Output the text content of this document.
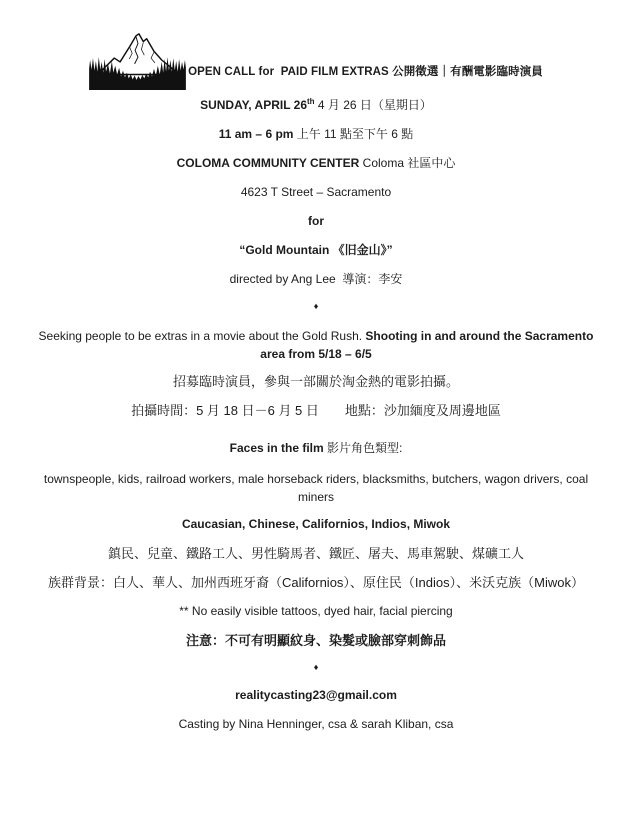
OPEN CALL for  PAID FILM EXTRAS 公開徵選｜有酬電影臨時演員

SUNDAY, APRIL 26th 4 月 26 日（星期日）

11 am – 6 pm 上午 11 點至下午 6 點

COLOMA COMMUNITY CENTER Coloma 社區中心

4623 T Street – Sacramento

for

“Gold Mountain 《旧金山》”

directed by Ang Lee  導演：李安

♦

Seeking people to be extras in a movie about the Gold Rush. Shooting in and around the Sacramento area from 5/18 – 6/5

招募臨時演員，參與一部關於淘金熱的電影拍攝。

拍攝時間：5 月 18 日－6 月 5 日　　地點：沙加緬度及周邊地區

Faces in the film 影片角色類型:

townspeople, kids, railroad workers, male horseback riders, blacksmiths, butchers, wagon drivers, coal miners

Caucasian, Chinese, Californios, Indios, Miwok

鎮民、兒童、鐵路工人、男性騎馬者、鐵匠、屠夫、馬車駕駛、煤礦工人

族群背景：白人、華人、加州西班牙裔（Californios）、原住民（Indios）、米沃克族（Miwok）

** No easily visible tattoos, dyed hair, facial piercing

注意：不可有明顯紋身、染髮或臉部穿刺飾品

♦

realitycasting23@gmail.com

Casting by Nina Henninger, csa & sarah Kliban, csa
